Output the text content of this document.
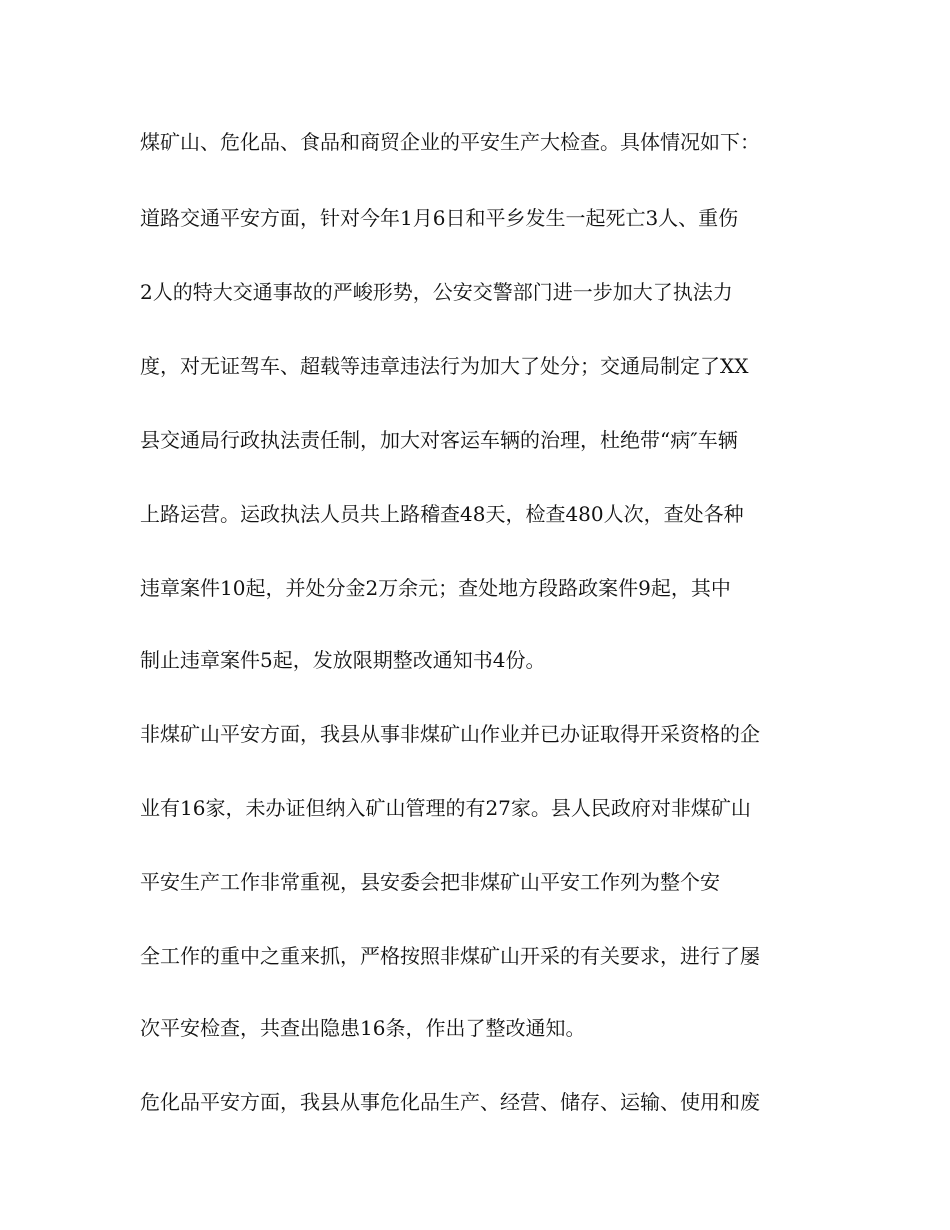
煤矿山、危化品、食品和商贸企业的平安生产大检查。具体情况如下：
道路交通平安方面，针对今年1月6日和平乡发生一起死亡3人、重伤
2人的特大交通事故的严峻形势，公安交警部门进一步加大了执法力
度，对无证驾车、超载等违章违法行为加大了处分；交通局制定了XX
县交通局行政执法责任制，加大对客运车辆的治理，杜绝带“病″车辆
上路运营。运政执法人员共上路稽查48天，检查480人次，查处各种
违章案件10起，并处分金2万余元；查处地方段路政案件9起，其中
制止违章案件5起，发放限期整改通知书4份。
非煤矿山平安方面，我县从事非煤矿山作业并已办证取得开采资格的企
业有16家，未办证但纳入矿山管理的有27家。县人民政府对非煤矿山
平安生产工作非常重视，县安委会把非煤矿山平安工作列为整个安
全工作的重中之重来抓，严格按照非煤矿山开采的有关要求，进行了屡
次平安检查，共查出隐患16条，作出了整改通知。
危化品平安方面，我县从事危化品生产、经营、储存、运输、使用和废
